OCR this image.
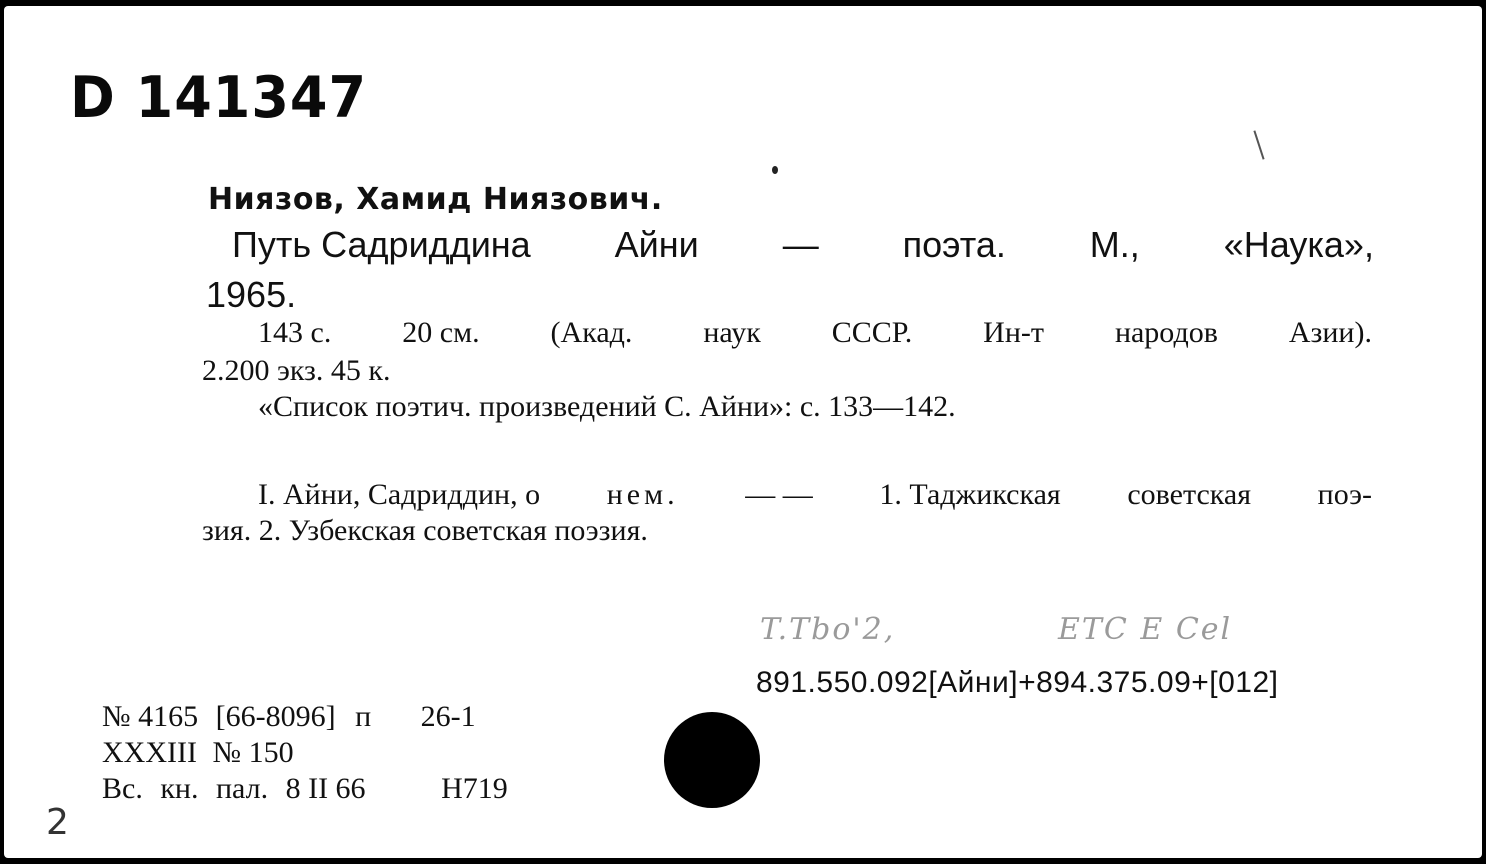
D 141347
Ниязов, Хамид Ниязович.
Путь Садриддина Айни — поэта. М., «Наука»,
1965.
143 с. 20 см. (Акад. наук СССР. Ин-т народов Азии).
2.200 экз. 45 к.
«Список поэтич. произведений С. Айни»: с. 133—142.
I. Айни, Садриддин, о нем. — — 1. Таджикская советская поэ-
зия. 2. Узбекская советская поэзия.
T.Tbo'2,	ETC E Cel
891.550.092[Айни]+894.375.09+[012]
№ 4165 [66-8096] п 26-1
XXXIII № 150
Вс. кн. пал. 8 II 66	H719
2
